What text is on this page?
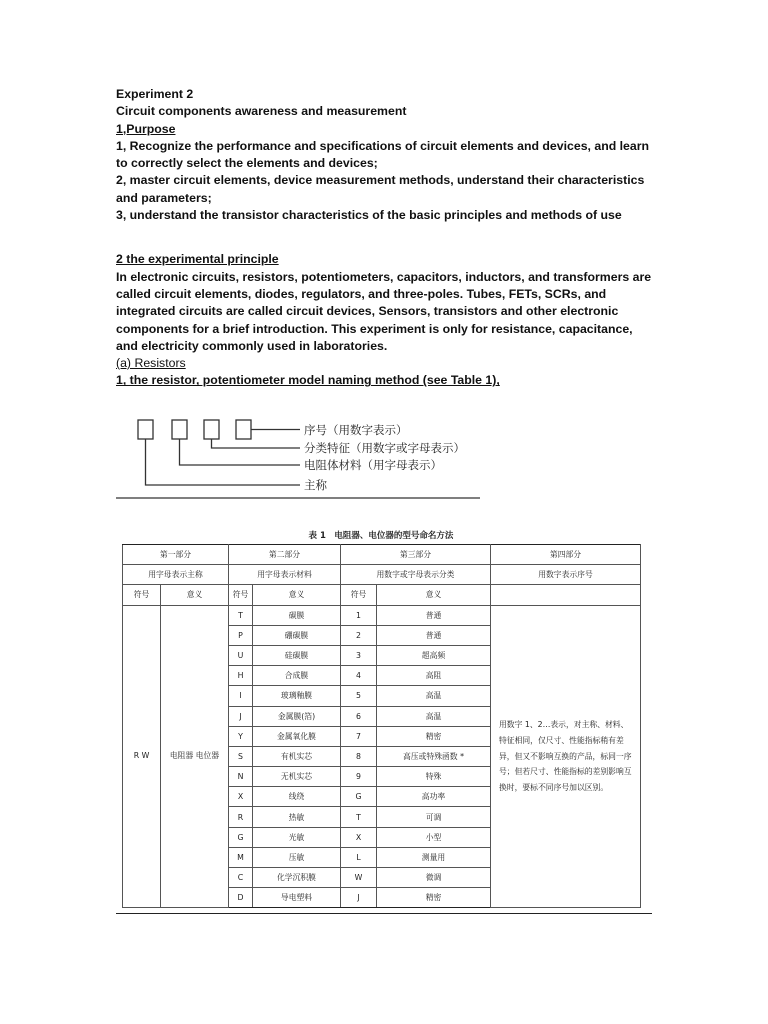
Experiment 2

Circuit components awareness and measurement

1,Purpose

1, Recognize the performance and specifications of circuit elements and devices, and learn to correctly select the elements and devices;

2, master circuit elements, device measurement methods, understand their characteristics and parameters;

3, understand the transistor characteristics of the basic principles and methods of use

2 the experimental principle

In electronic circuits, resistors, potentiometers, capacitors, inductors, and transformers are called circuit elements, diodes, regulators, and three-poles. Tubes, FETs, SCRs, and integrated circuits are called circuit devices, Sensors, transistors and other electronic components for a brief introduction. This experiment is only for resistance, capacitance, and electricity commonly used in laboratories.

(a) Resistors

1, the resistor, potentiometer model naming method (see Table 1),

序号（用数字表示）
分类特征（用数字或字母表示）
电阻体材料（用字母表示）
主称
表 1　电阻器、电位器的型号命名方法
第一部分		第二部分		第三部分		第四部分
用字母表示主称		用字母表示材料		用数字或字母表示分类		用数字表示序号
符号	意义	符号	意义	符号	意义	
R W	电阻器 电位器	T	碳膜	1	普通	用数字 1、2…表示，对主称、材料、特征相同，仅尺寸、性能指标稍有差异，但又不影响互换的产品，标同一序号；但若尺寸、性能指标的差别影响互换时，要标不同序号加以区别。
		P	硼碳膜	2	普通	
		U	硅碳膜	3	超高频	
		H	合成膜	4	高阻	
		I	玻璃釉膜	5	高温	
		J	金属膜(箔)	6	高温	
		Y	金属氧化膜	7	精密	
		S	有机实芯	8	高压或特殊函数 *	
		N	无机实芯	9	特殊	
		X	线绕	G	高功率	
		R	热敏	T	可调	
		G	光敏	X	小型	
		M	压敏	L	测量用	
		C	化学沉积膜	W	微调	
		D	导电塑料	J	精密	
